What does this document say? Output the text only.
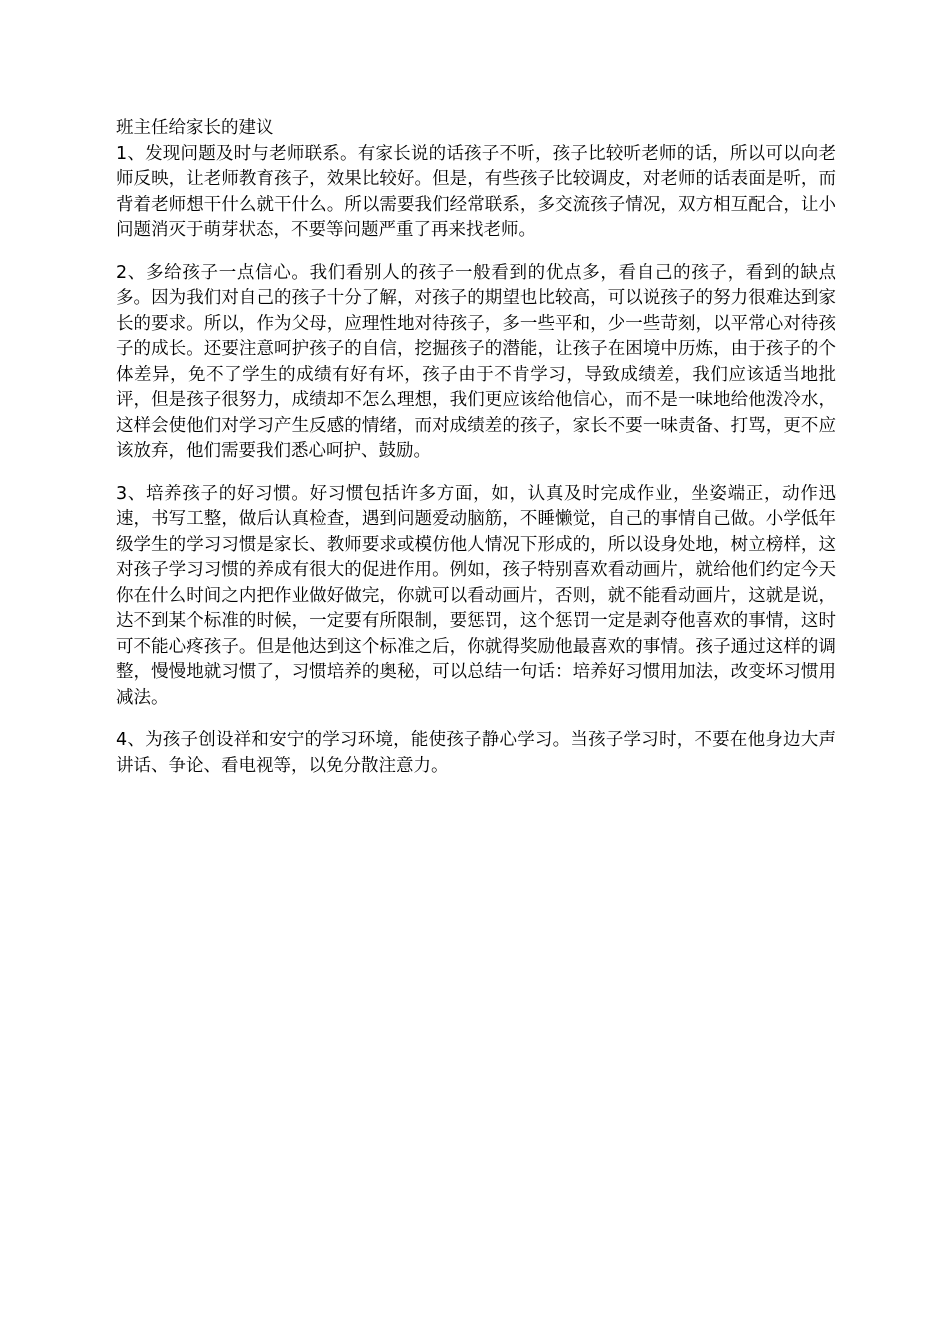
班主任给家长的建议

1、发现问题及时与老师联系。有家长说的话孩子不听，孩子比较听老师的话，所以可以向老师反映，让老师教育孩子，效果比较好。但是，有些孩子比较调皮，对老师的话表面是听，而背着老师想干什么就干什么。所以需要我们经常联系，多交流孩子情况，双方相互配合，让小问题消灭于萌芽状态，不要等问题严重了再来找老师。

2、多给孩子一点信心。我们看别人的孩子一般看到的优点多，看自己的孩子，看到的缺点多。因为我们对自己的孩子十分了解，对孩子的期望也比较高，可以说孩子的努力很难达到家长的要求。所以，作为父母，应理性地对待孩子，多一些平和，少一些苛刻，以平常心对待孩子的成长。还要注意呵护孩子的自信，挖掘孩子的潜能，让孩子在困境中历炼，由于孩子的个体差异，免不了学生的成绩有好有坏，孩子由于不肯学习，导致成绩差，我们应该适当地批评，但是孩子很努力，成绩却不怎么理想，我们更应该给他信心，而不是一味地给他泼冷水，这样会使他们对学习产生反感的情绪，而对成绩差的孩子，家长不要一味责备、打骂，更不应该放弃，他们需要我们悉心呵护、鼓励。

3、培养孩子的好习惯。好习惯包括许多方面，如，认真及时完成作业，坐姿端正，动作迅速，书写工整，做后认真检查，遇到问题爱动脑筋，不睡懒觉，自己的事情自己做。小学低年级学生的学习习惯是家长、教师要求或模仿他人情况下形成的，所以设身处地，树立榜样，这对孩子学习习惯的养成有很大的促进作用。例如，孩子特别喜欢看动画片，就给他们约定今天你在什么时间之内把作业做好做完，你就可以看动画片，否则，就不能看动画片，这就是说，达不到某个标准的时候，一定要有所限制，要惩罚，这个惩罚一定是剥夺他喜欢的事情，这时可不能心疼孩子。但是他达到这个标准之后，你就得奖励他最喜欢的事情。孩子通过这样的调整，慢慢地就习惯了，习惯培养的奥秘，可以总结一句话：培养好习惯用加法，改变坏习惯用减法。

4、为孩子创设祥和安宁的学习环境，能使孩子静心学习。当孩子学习时，不要在他身边大声讲话、争论、看电视等，以免分散注意力。
